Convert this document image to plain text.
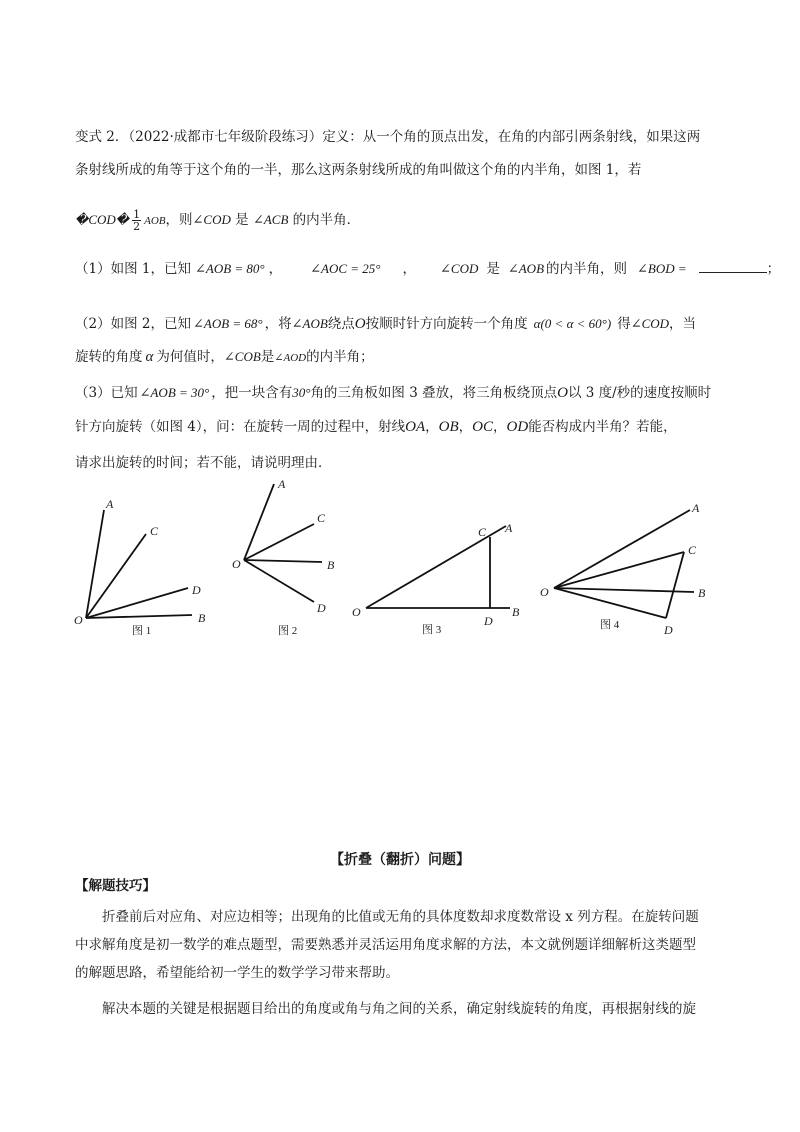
变式 2．（2022·成都市七年级阶段练习）定义：从一个角的顶点出发，在角的内部引两条射线，如果这两
条射线所成的角等于这个角的一半，那么这两条射线所成的角叫做这个角的内半角，如图 1，若
�COD� $\frac{1}{2}$ AOB，则∠COD 是 ∠ACB 的内半角．
（1）如图 1，已知 ∠AOB = 80° ， ∠AOC = 25° ， ∠COD 是 ∠AOB 的内半角，则 ∠BOD =	；
（2）如图 2，已知 ∠AOB = 68° ，将∠AOB绕点O按顺时针方向旋转一个角度 α(0 < α < 60°) 得∠COD，当
旋转的角度 α 为何值时，∠COB是∠AOD的内半角；
（3）已知 ∠AOB = 30° ，把一块含有30°角的三角板如图 3 叠放，将三角板绕顶点O以 3 度/秒的速度按顺时
针方向旋转（如图 4），问：在旋转一周的过程中，射线OA，OB，OC，OD能否构成内半角？若能，
请求出旋转的时间；若不能，请说明理由．
A
C
D
B
O
图 1
A
C
O	B
D
图 2
C A
O	B
D
图 3
A
C
O	B
D
图 4
【折叠（翻折）问题】
【解题技巧】
折叠前后对应角、对应边相等；出现角的比值或无角的具体度数却求度数常设 x 列方程。在旋转问题
中求解角度是初一数学的难点题型，需要熟悉并灵活运用角度求解的方法，本文就例题详细解析这类题型
的解题思路，希望能给初一学生的数学学习带来帮助。
解决本题的关键是根据题目给出的角度或角与角之间的关系，确定射线旋转的角度，再根据射线的旋
